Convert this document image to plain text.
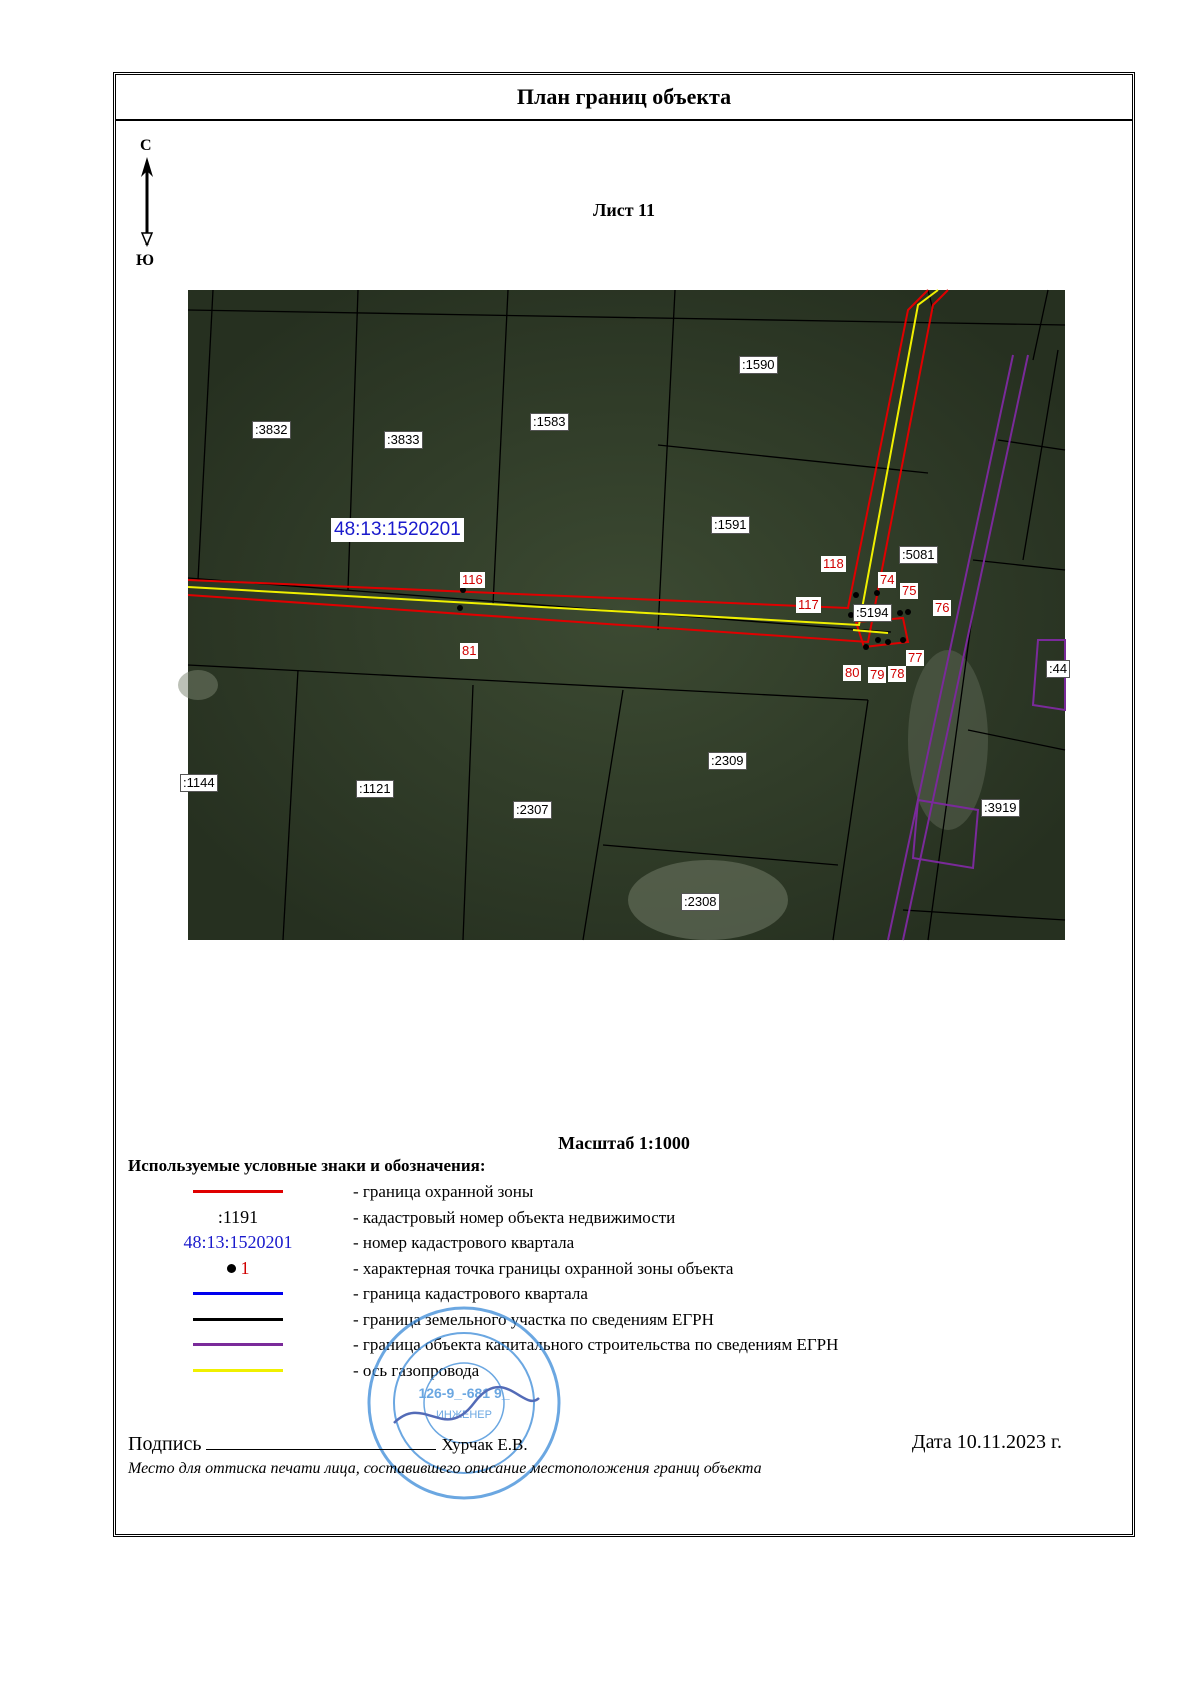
План границ объекта
С
Ю
Лист 11
:3832
:3833
:1583
:1590
:1591
:5081
:5194
:44
:1144	:1121
:2307
:2309
:3919
:2308
48:13:1520201
116
81
117
118
74
75
76
77
78
79
80
Масштаб 1:1000
Используемые условные знаки и обозначения:
- граница охранной зоны
:1191	- кадастровый номер объекта недвижимости
48:13:1520201	- номер кадастрового квартала
1	- характерная точка границы охранной зоны объекта
- граница кадастрового квартала
- граница земельного участка по сведениям ЕГРН
- граница объекта капитального строительства по сведениям ЕГРН
- ось газопровода
126-9_-681 9_
ИНЖЕНЕР
Подпись	Хурчак Е.В.	Дата 10.11.2023 г.
Место для оттиска печати лица, составившего описание местоположения границ объекта
